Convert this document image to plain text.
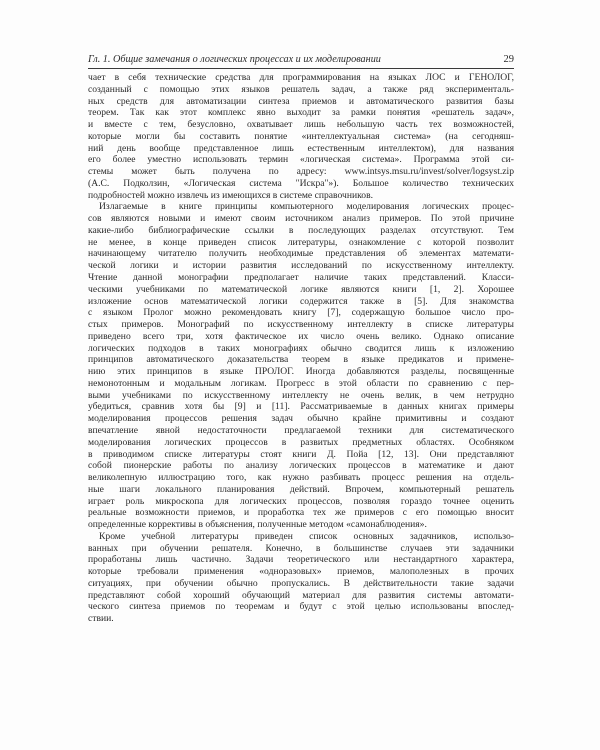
Гл. 1. Общие замечания о логических процессах и их моделировании	29
чает в себя технические средства для программирования на языках ЛОС и ГЕНОЛОГ,
созданный с помощью этих языков решатель задач, а также ряд эксперименталь-
ных средств для автоматизации синтеза приемов и автоматического развития базы
теорем. Так как этот комплекс явно выходит за рамки понятия «решатель задач»,
и вместе с тем, безусловно, охватывает лишь небольшую часть тех возможностей,
которые могли бы составить понятие «интеллектуальная система» (на сегодняш-
ний день вообще представленное лишь естественным интеллектом), для названия
его более уместно использовать термин «логическая система». Программа этой си-
стемы может быть получена по адресу: www.intsys.msu.ru/invest/solver/logsyst.zip
(А.С. Подколзин, «Логическая система "Искра"»). Большое количество технических
подробностей можно извлечь из имеющихся в системе справочников.
Излагаемые в книге принципы компьютерного моделирования логических процес-
сов являются новыми и имеют своим источником анализ примеров. По этой причине
какие-либо библиографические ссылки в последующих разделах отсутствуют. Тем
не менее, в конце приведен список литературы, ознакомление с которой позволит
начинающему читателю получить необходимые представления об элементах математи-
ческой логики и истории развития исследований по искусственному интеллекту.
Чтение данной монографии предполагает наличие таких представлений. Класси-
ческими учебниками по математической логике являются книги [1, 2]. Хорошее
изложение основ математической логики содержится также в [5]. Для знакомства
с языком Пролог можно рекомендовать книгу [7], содержащую большое число про-
стых примеров. Монографий по искусственному интеллекту в списке литературы
приведено всего три, хотя фактическое их число очень велико. Однако описание
логических подходов в таких монографиях обычно сводится лишь к изложению
принципов автоматического доказательства теорем в языке предикатов и примене-
нию этих принципов в языке ПРОЛОГ. Иногда добавляются разделы, посвященные
немонотонным и модальным логикам. Прогресс в этой области по сравнению с пер-
выми учебниками по искусственному интеллекту не очень велик, в чем нетрудно
убедиться, сравнив хотя бы [9] и [11]. Рассматриваемые в данных книгах примеры
моделирования процессов решения задач обычно крайне примитивны и создают
впечатление явной недостаточности предлагаемой техники для систематического
моделирования логических процессов в развитых предметных областях. Особняком
в приводимом списке литературы стоят книги Д. Пойа [12, 13]. Они представляют
собой пионерские работы по анализу логических процессов в математике и дают
великолепную иллюстрацию того, как нужно разбивать процесс решения на отдель-
ные шаги локального планирования действий. Впрочем, компьютерный решатель
играет роль микроскопа для логических процессов, позволяя гораздо точнее оценить
реальные возможности приемов, и проработка тех же примеров с его помощью вносит
определенные коррективы в объяснения, полученные методом «самонаблюдения».
Кроме учебной литературы приведен список основных задачников, использо-
ванных при обучении решателя. Конечно, в большинстве случаев эти задачники
проработаны лишь частично. Задачи теоретического или нестандартного характера,
которые требовали применения «одноразовых» приемов, малополезных в прочих
ситуациях, при обучении обычно пропускались. В действительности такие задачи
представляют собой хороший обучающий материал для развития системы автомати-
ческого синтеза приемов по теоремам и будут с этой целью использованы впослед-
ствии.
